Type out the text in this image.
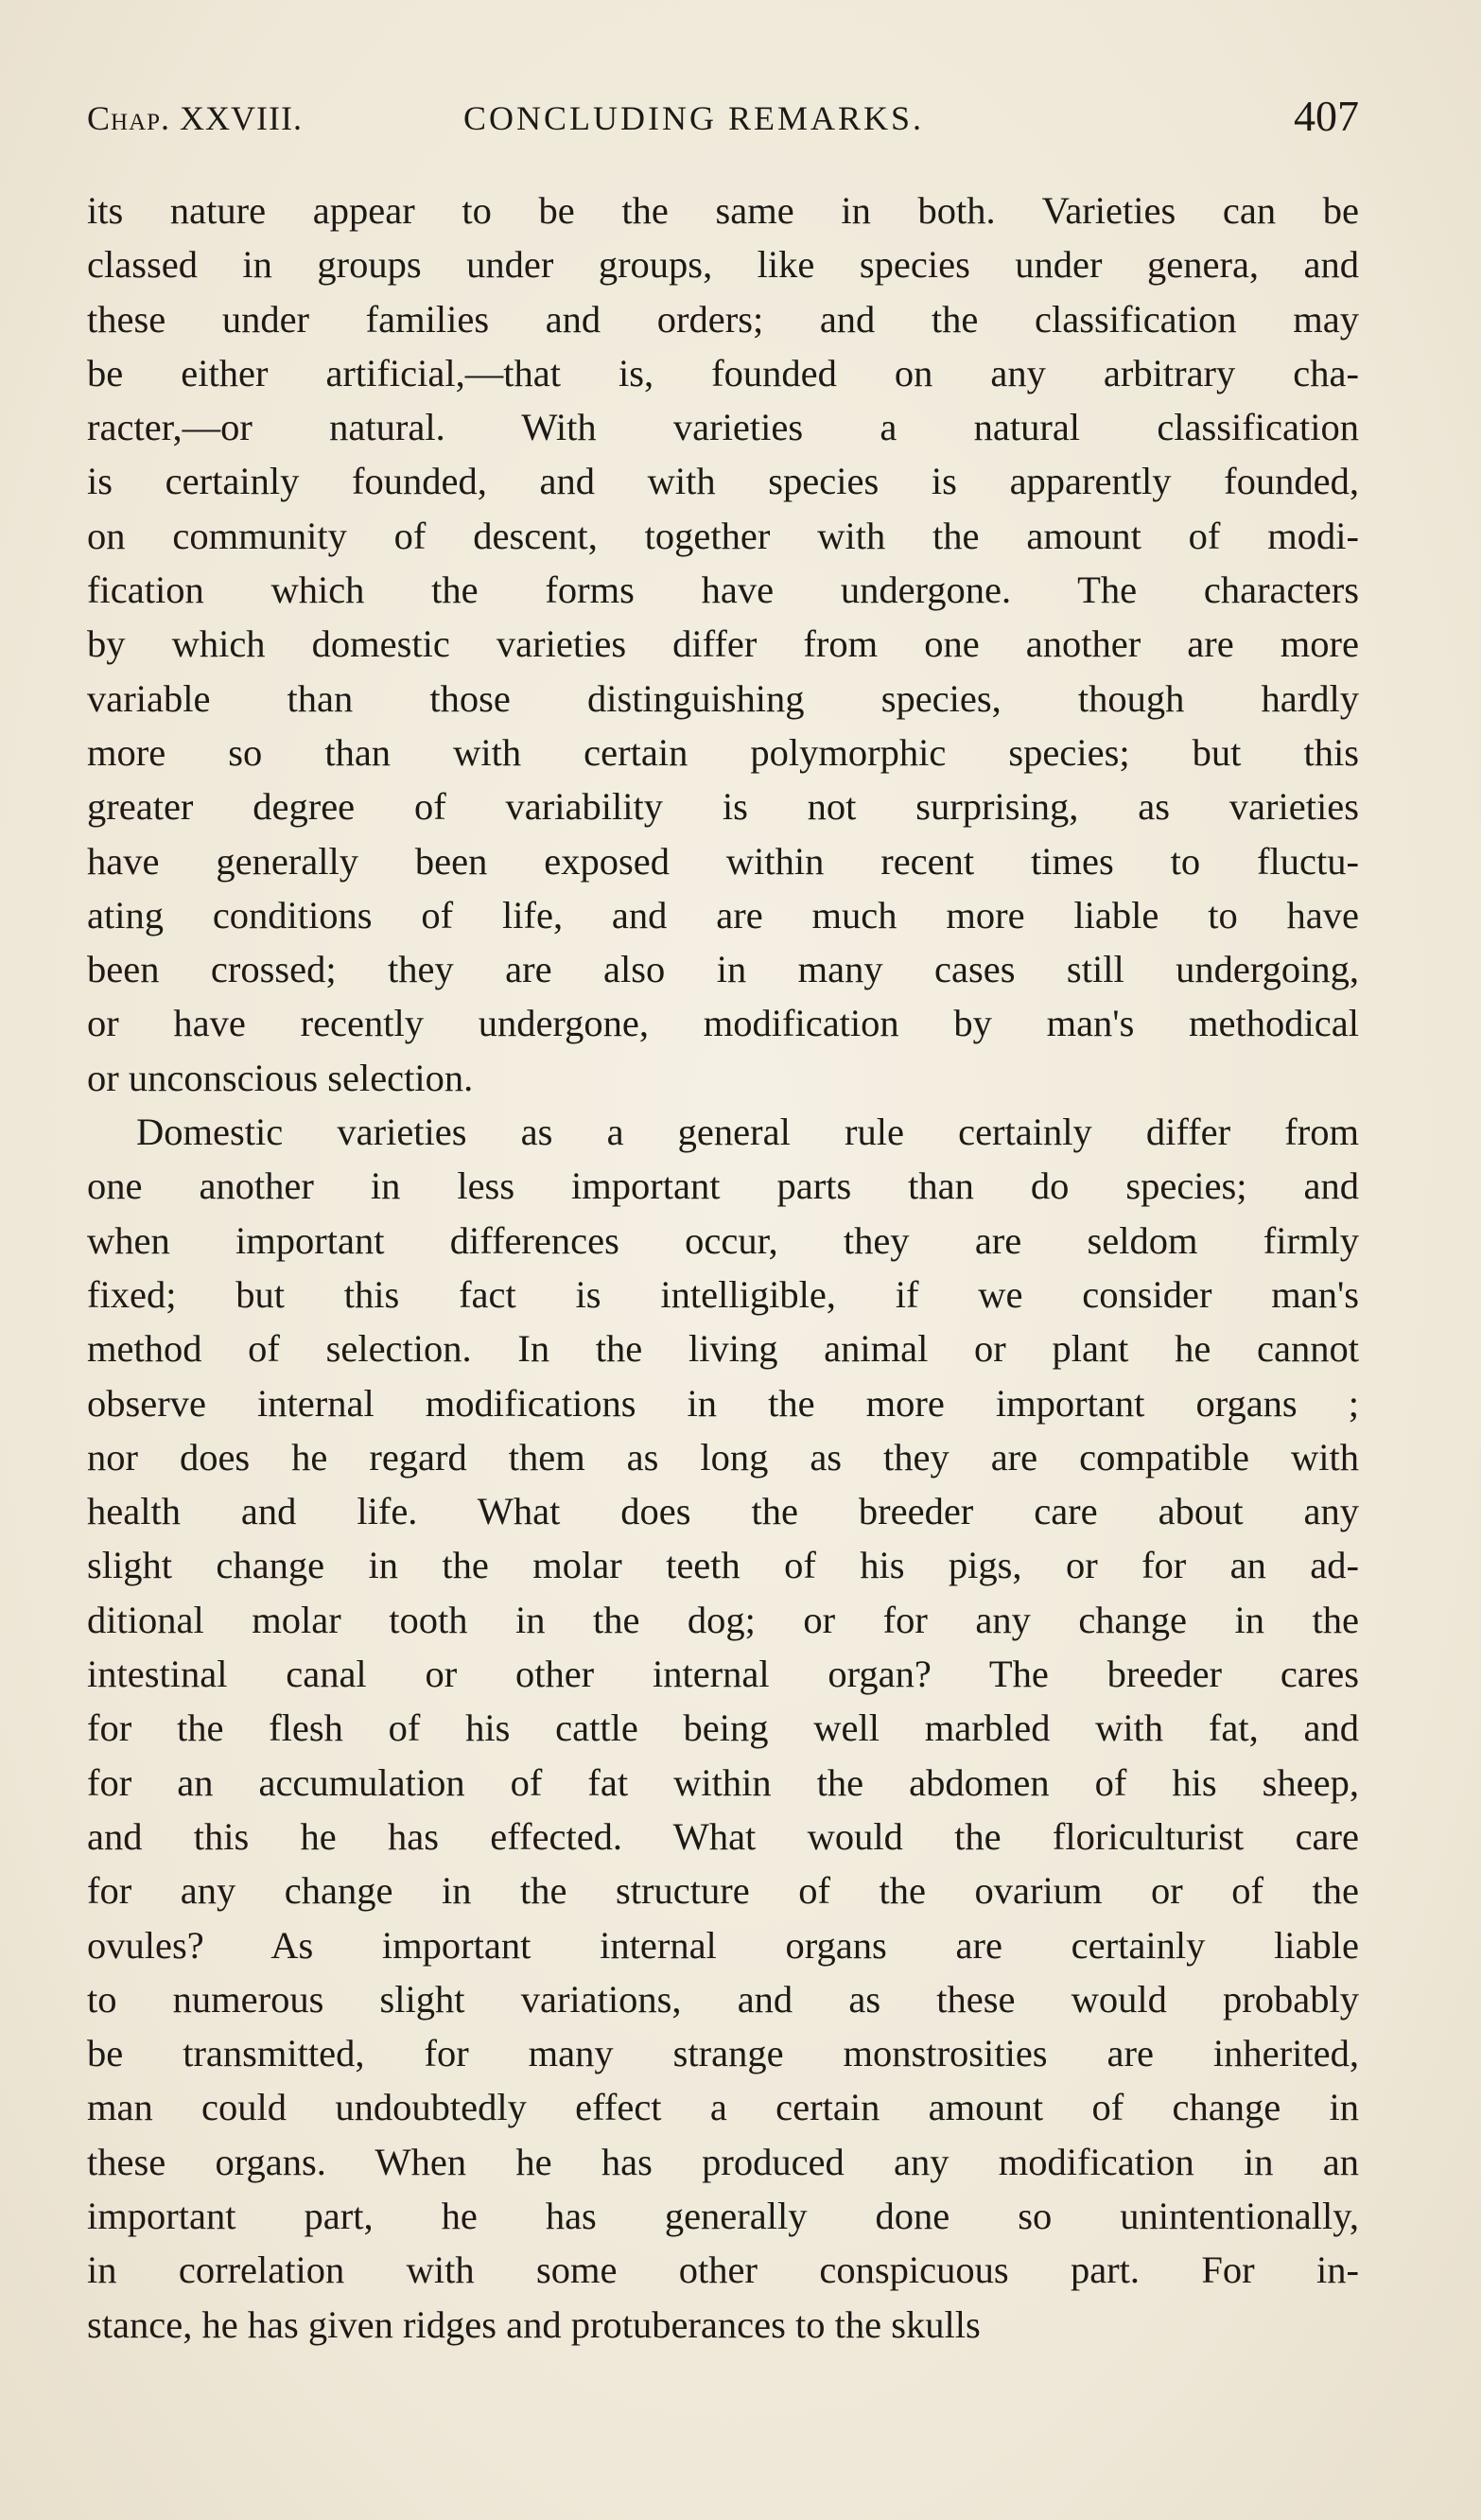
Chap. XXVIII.	CONCLUDING REMARKS.	407

its nature appear to be the same in both. Varieties can be
classed in groups under groups, like species under genera, and
these under families and orders; and the classification may
be either artificial,—that is, founded on any arbitrary cha-
racter,—or natural. With varieties a natural classification
is certainly founded, and with species is apparently founded,
on community of descent, together with the amount of modi-
fication which the forms have undergone. The characters
by which domestic varieties differ from one another are more
variable than those distinguishing species, though hardly
more so than with certain polymorphic species; but this
greater degree of variability is not surprising, as varieties
have generally been exposed within recent times to fluctu-
ating conditions of life, and are much more liable to have
been crossed; they are also in many cases still undergoing,
or have recently undergone, modification by man's methodical
or unconscious selection.

Domestic varieties as a general rule certainly differ from
one another in less important parts than do species; and
when important differences occur, they are seldom firmly
fixed; but this fact is intelligible, if we consider man's
method of selection. In the living animal or plant he cannot
observe internal modifications in the more important organs ;
nor does he regard them as long as they are compatible with
health and life. What does the breeder care about any
slight change in the molar teeth of his pigs, or for an ad-
ditional molar tooth in the dog; or for any change in the
intestinal canal or other internal organ? The breeder cares
for the flesh of his cattle being well marbled with fat, and
for an accumulation of fat within the abdomen of his sheep,
and this he has effected. What would the floriculturist care
for any change in the structure of the ovarium or of the
ovules? As important internal organs are certainly liable
to numerous slight variations, and as these would probably
be transmitted, for many strange monstrosities are inherited,
man could undoubtedly effect a certain amount of change in
these organs. When he has produced any modification in an
important part, he has generally done so unintentionally,
in correlation with some other conspicuous part. For in-
stance, he has given ridges and protuberances to the skulls
